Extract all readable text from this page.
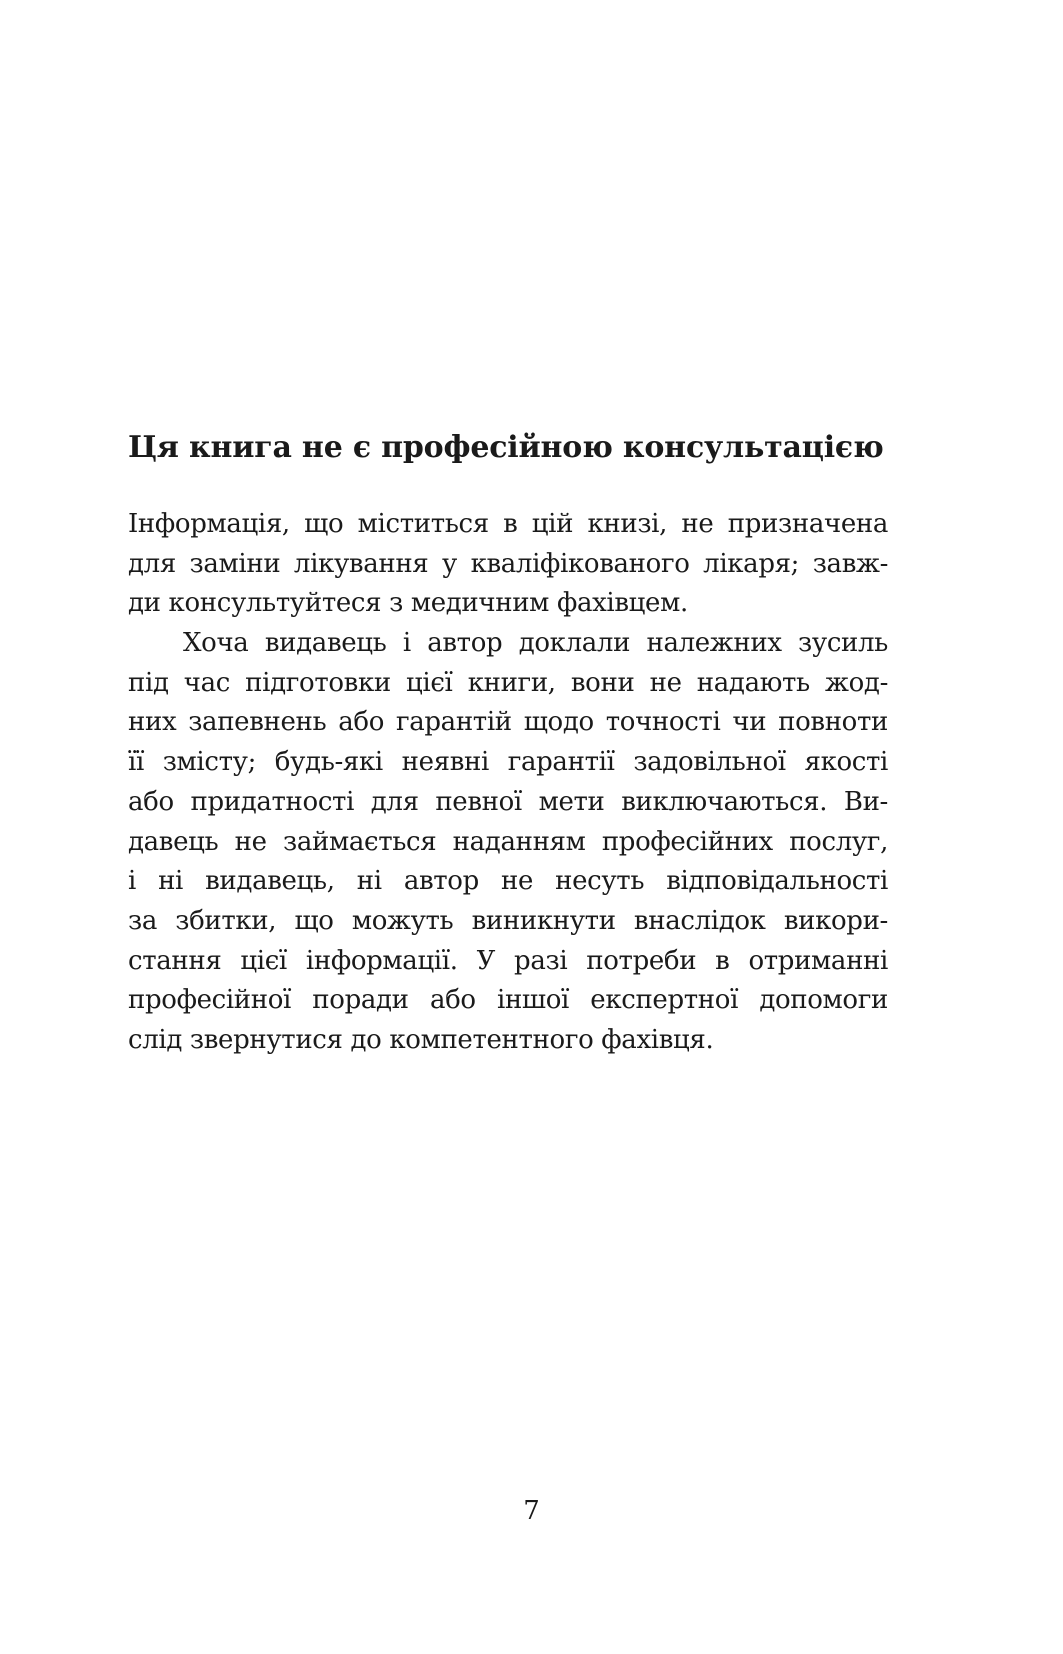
Ця книга не є професійною консультацією
Інформація, що міститься в цій книзі, не призначена
для заміни лікування у кваліфікованого лікаря; завж-
ди консультуйтеся з медичним фахівцем.
Хоча видавець і автор доклали належних зусиль
під час підготовки цієї книги, вони не надають жод-
них запевнень або гарантій щодо точності чи повноти
її змісту; будь-які неявні гарантії задовільної якості
або придатності для певної мети виключаються. Ви-
давець не займається наданням професійних послуг,
і ні видавець, ні автор не несуть відповідальності
за збитки, що можуть виникнути внаслідок викори-
стання цієї інформації. У разі потреби в отриманні
професійної поради або іншої експертної допомоги
слід звернутися до компетентного фахівця.
7
